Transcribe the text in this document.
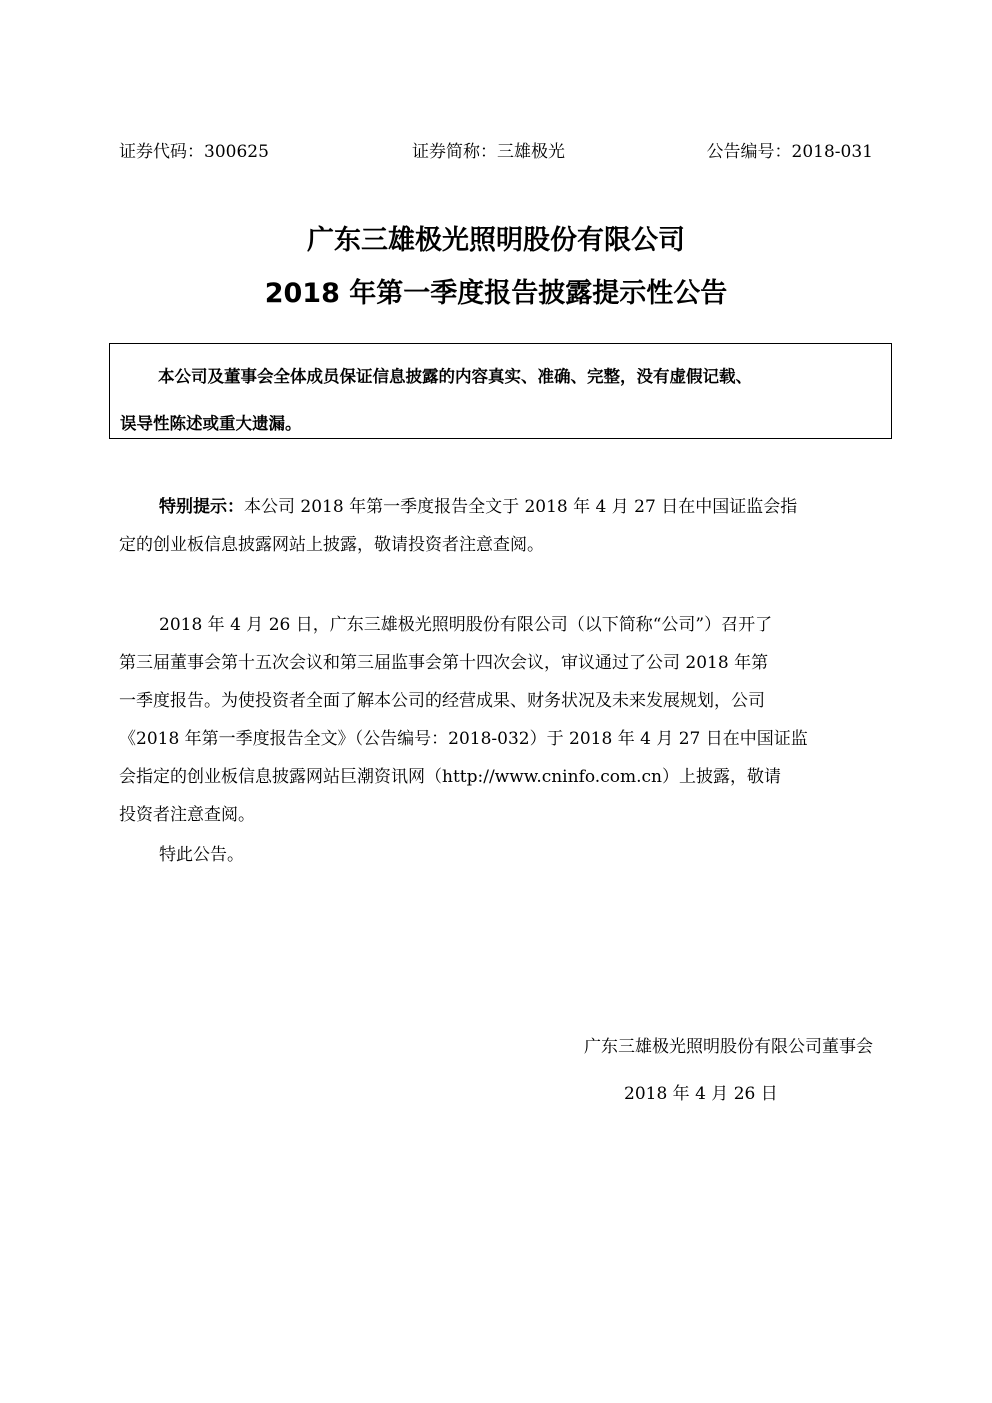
证券代码：300625	证券简称：三雄极光	公告编号：2018-031
广东三雄极光照明股份有限公司
2018 年第一季度报告披露提示性公告
本公司及董事会全体成员保证信息披露的内容真实、准确、完整，没有虚假记载、
误导性陈述或重大遗漏。
特别提示：本公司 2018 年第一季度报告全文于 2018 年 4 月 27 日在中国证监会指
定的创业板信息披露网站上披露，敬请投资者注意查阅。
2018 年 4 月 26 日，广东三雄极光照明股份有限公司（以下简称“公司”）召开了
第三届董事会第十五次会议和第三届监事会第十四次会议，审议通过了公司 2018 年第
一季度报告。为使投资者全面了解本公司的经营成果、财务状况及未来发展规划，公司
《2018 年第一季度报告全文》（公告编号：2018-032）于 2018 年 4 月 27 日在中国证监
会指定的创业板信息披露网站巨潮资讯网（http://www.cninfo.com.cn）上披露，敬请
投资者注意查阅。
特此公告。
广东三雄极光照明股份有限公司董事会
2018 年 4 月 26 日
